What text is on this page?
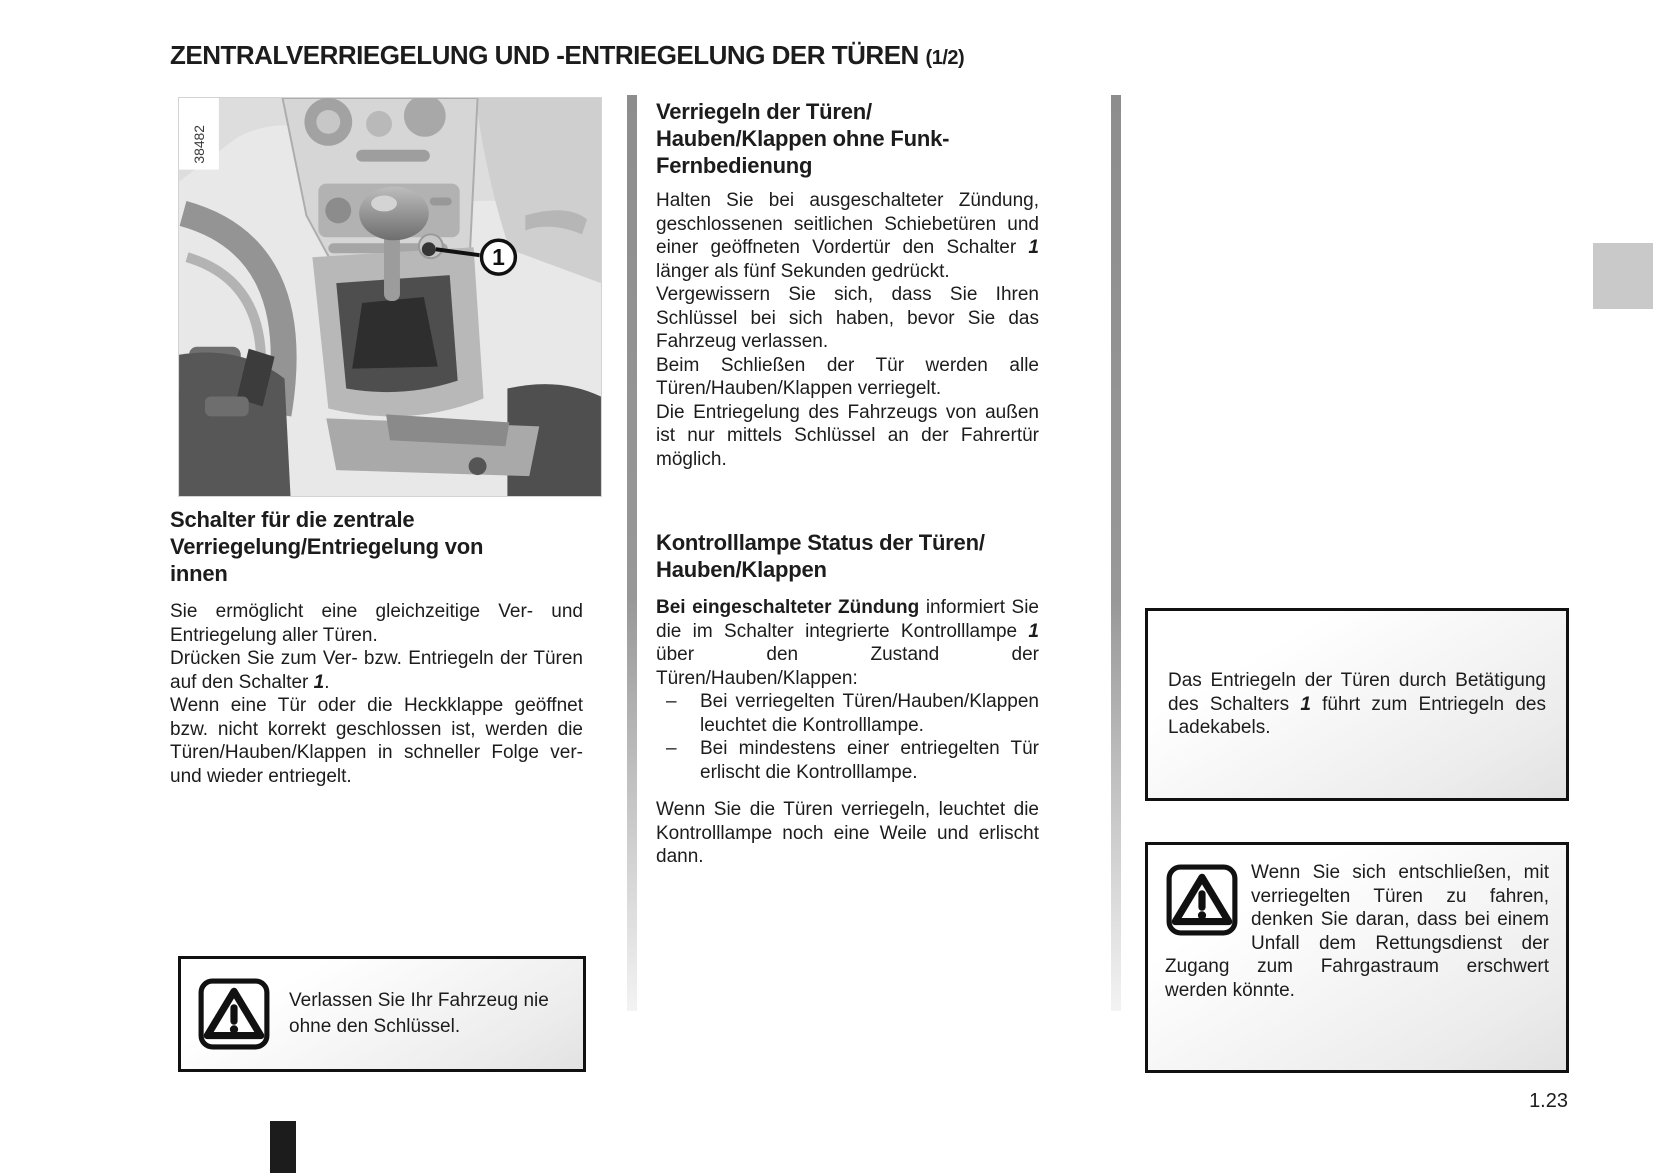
ZENTRALVERRIEGELUNG UND -ENTRIEGELUNG DER TÜREN (1/2)
38482
1
Schalter für die zentrale
Verriegelung/Entriegelung von
innen
Sie ermöglicht eine gleichzeitige Ver- und Entriegelung aller Türen.
Drücken Sie zum Ver- bzw. Entriegeln der Türen auf den Schalter 1.
Wenn eine Tür oder die Heckklappe geöffnet bzw. nicht korrekt geschlossen ist, werden die Türen/Hauben/Klappen in schneller Folge ver- und wieder entriegelt.
Verriegeln der Türen/
Hauben/Klappen ohne Funk-
Fernbedienung
Halten Sie bei ausgeschalteter Zündung, geschlossenen seitlichen Schiebetüren und einer geöffneten Vordertür den Schalter 1 länger als fünf Sekunden gedrückt.
Vergewissern Sie sich, dass Sie Ihren Schlüssel bei sich haben, bevor Sie das Fahrzeug verlassen.
Beim Schließen der Tür werden alle Türen/Hauben/Klappen verriegelt.
Die Entriegelung des Fahrzeugs von außen ist nur mittels Schlüssel an der Fahrertür möglich.
Kontrolllampe Status der Türen/
Hauben/Klappen
Bei eingeschalteter Zündung informiert Sie die im Schalter integrierte Kontrolllampe 1 über den Zustand der Türen/Hauben/Klappen:
– Bei verriegelten Türen/Hauben/Klappen leuchtet die Kontrolllampe.
– Bei mindestens einer entriegelten Tür erlischt die Kontrolllampe.
Wenn Sie die Türen verriegeln, leuchtet die Kontrolllampe noch eine Weile und erlischt dann.
Das Entriegeln der Türen durch Betätigung des Schalters 1 führt zum Entriegeln des Ladekabels.
Wenn Sie sich entschließen, mit verriegelten Türen zu fahren, denken Sie daran, dass bei einem Unfall dem Rettungsdienst der Zugang zum Fahrgastraum erschwert werden könnte.
Verlassen Sie Ihr Fahrzeug nie ohne den Schlüssel.
1.23
